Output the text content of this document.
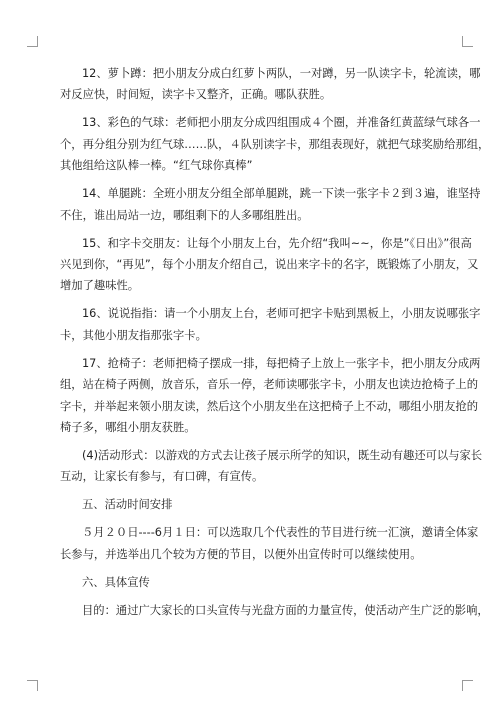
12、萝卜蹲：把小朋友分成白红萝卜两队，一对蹲，另一队读字卡，轮流读，哪
对反应快，时间短，读字卡又整齐，正确。哪队获胜。

13、彩色的气球：老师把小朋友分成四组围成４个圈，并准备红黄蓝绿气球各一
个，再分组分别为红气球……队，４队别读字卡，那组表现好，就把气球奖励给那组，
其他组给这队棒一棒。“红气球你真棒”

14、单腿跳：全班小朋友分组全部单腿跳，跳一下读一张字卡２到３遍，谁坚持
不住，谁出局站一边，哪组剩下的人多哪组胜出。

15、和字卡交朋友：让每个小朋友上台，先介绍“我叫~~，你是”《日出》”很高
兴见到你，“再见”，每个小朋友介绍自己，说出来字卡的名字，既锻炼了小朋友，又
增加了趣味性。

16、说说指指：请一个小朋友上台，老师可把字卡贴到黑板上，小朋友说哪张字
卡，其他小朋友指那张字卡。

17、抢椅子：老师把椅子摆成一排，每把椅子上放上一张字卡，把小朋友分成两
组，站在椅子两侧，放音乐，音乐一停，老师读哪张字卡，小朋友也读边抢椅子上的
字卡，并举起来领小朋友读，然后这个小朋友坐在这把椅子上不动，哪组小朋友抢的
椅子多，哪组小朋友获胜。

(4)活动形式：以游戏的方式去让孩子展示所学的知识，既生动有趣还可以与家长
互动，让家长有参与，有口碑，有宣传。

五、活动时间安排

５月２０日----6月１日：可以选取几个代表性的节目进行统一汇演，邀请全体家
长参与，并选举出几个较为方便的节目，以便外出宣传时可以继续使用。

六、具体宣传

目的：通过广大家长的口头宣传与光盘方面的力量宣传，使活动产生广泛的影响，
